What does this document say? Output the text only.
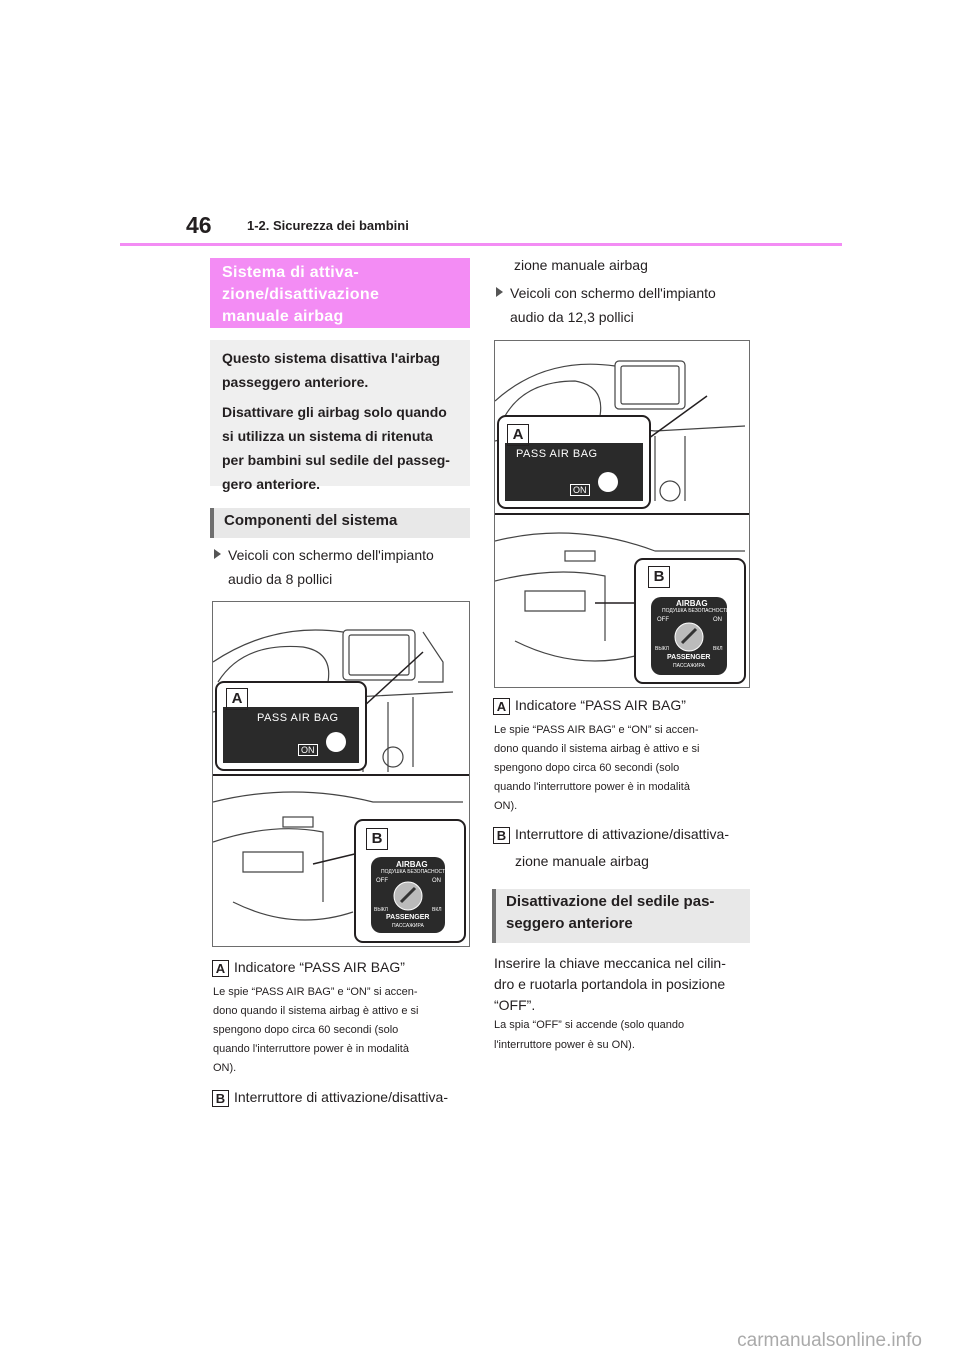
46	1-2. Sicurezza dei bambini
Sistema di attiva-
zione/disattivazione
manuale airbag

Questo sistema disattiva l'airbag passeggero anteriore.

Disattivare gli airbag solo quando si utilizza un sistema di ritenuta per bambini sul sedile del passeg-gero anteriore.

Componenti del sistema
Veicoli con schermo dell'impianto
audio da 8 pollici
A
PASS AIR BAG
ON
B
AIRBAG
ПОДУШКА БЕЗОПАСНОСТИ
OFF	ON
ВЫКЛ	ВКЛ
PASSENGER
ПАССАЖИРА
A Indicatore “PASS AIR BAG”
Le spie “PASS AIR BAG” e “ON” si accen-
dono quando il sistema airbag è attivo e si
spengono dopo circa 60 secondi (solo
quando l'interruttore power è in modalità
ON).
B Interruttore di attivazione/disattiva-
zione manuale airbag
Veicoli con schermo dell'impianto
audio da 12,3 pollici
A
PASS AIR BAG
ON
B
AIRBAG
ПОДУШКА БЕЗОПАСНОСТИ
OFF	ON
ВЫКЛ	ВКЛ
PASSENGER
ПАССАЖИРА
A Indicatore “PASS AIR BAG”
Le spie “PASS AIR BAG” e “ON” si accen-
dono quando il sistema airbag è attivo e si
spengono dopo circa 60 secondi (solo
quando l'interruttore power è in modalità
ON).
B Interruttore di attivazione/disattiva-
zione manuale airbag
Disattivazione del sedile pas-seggero anteriore
Inserire la chiave meccanica nel cilin-
dro e ruotarla portandola in posizione
“OFF”.
La spia “OFF” si accende (solo quando
l'interruttore power è su ON).
carmanualsonline.info
